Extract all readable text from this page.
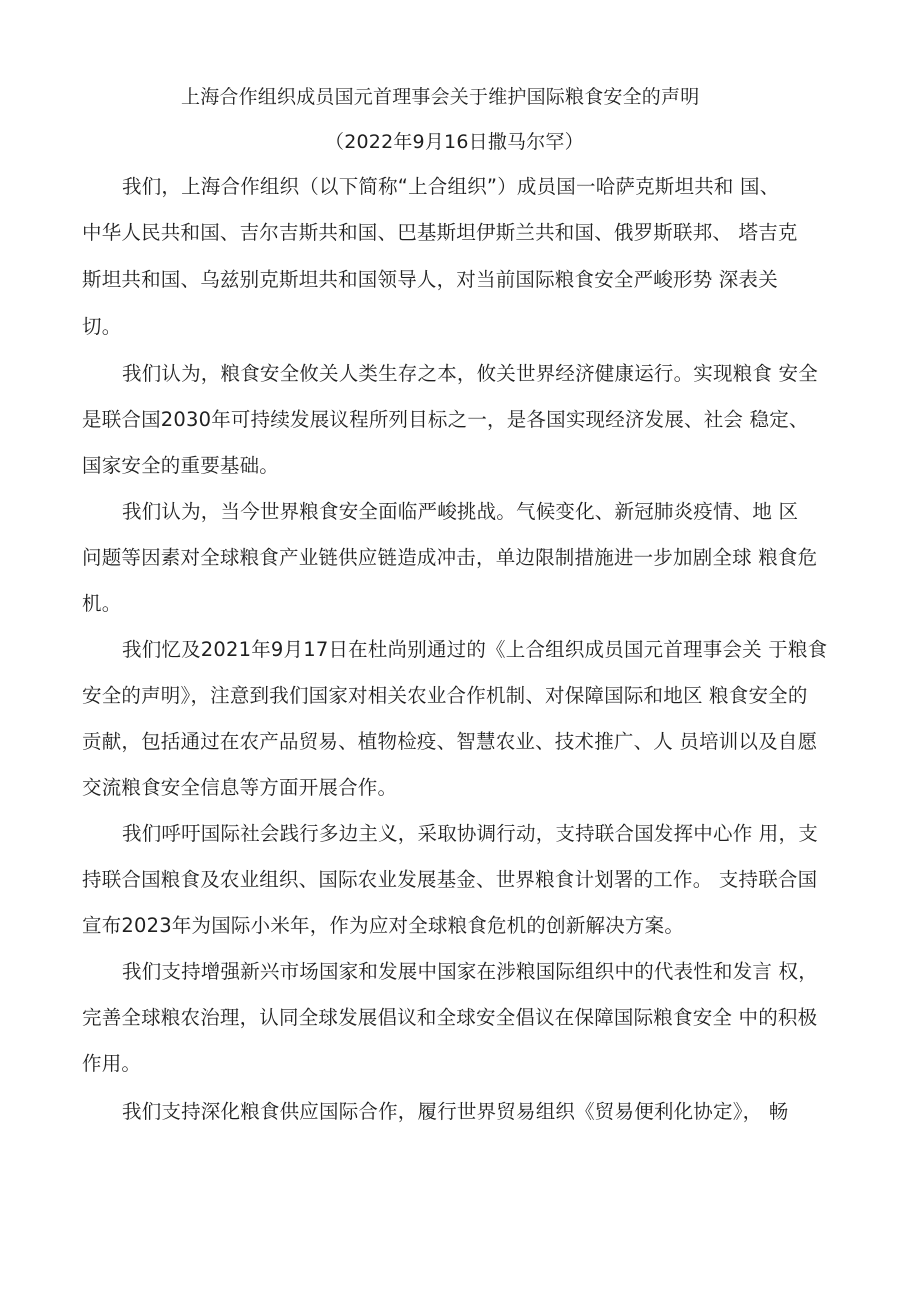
上海合作组织成员国元首理事会关于维护国际粮食安全的声明
（2022年9月16日撒马尔罕）
我们，上海合作组织（以下简称“上合组织”）成员国一哈萨克斯坦共和 国、
中华人民共和国、吉尔吉斯共和国、巴基斯坦伊斯兰共和国、俄罗斯联邦、 塔吉克
斯坦共和国、乌兹别克斯坦共和国领导人，对当前国际粮食安全严峻形势 深表关
切。
我们认为，粮食安全攸关人类生存之本，攸关世界经济健康运行。实现粮食 安全
是联合国2030年可持续发展议程所列目标之一，是各国实现经济发展、社会 稳定、
国家安全的重要基础。
我们认为，当今世界粮食安全面临严峻挑战。气候变化、新冠肺炎疫情、地 区
问题等因素对全球粮食产业链供应链造成冲击，单边限制措施进一步加剧全球 粮食危
机。
我们忆及2021年9月17日在杜尚别通过的《上合组织成员国元首理事会关 于粮食
安全的声明》，注意到我们国家对相关农业合作机制、对保障国际和地区 粮食安全的
贡献，包括通过在农产品贸易、植物检疫、智慧农业、技术推广、人 员培训以及自愿
交流粮食安全信息等方面开展合作。
我们呼吁国际社会践行多边主义，采取协调行动，支持联合国发挥中心作 用，支
持联合国粮食及农业组织、国际农业发展基金、世界粮食计划署的工作。 支持联合国
宣布2023年为国际小米年，作为应对全球粮食危机的创新解决方案。
我们支持增强新兴市场国家和发展中国家在涉粮国际组织中的代表性和发言 权，
完善全球粮农治理，认同全球发展倡议和全球安全倡议在保障国际粮食安全 中的积极
作用。
我们支持深化粮食供应国际合作，履行世界贸易组织《贸易便利化协定》， 畅
